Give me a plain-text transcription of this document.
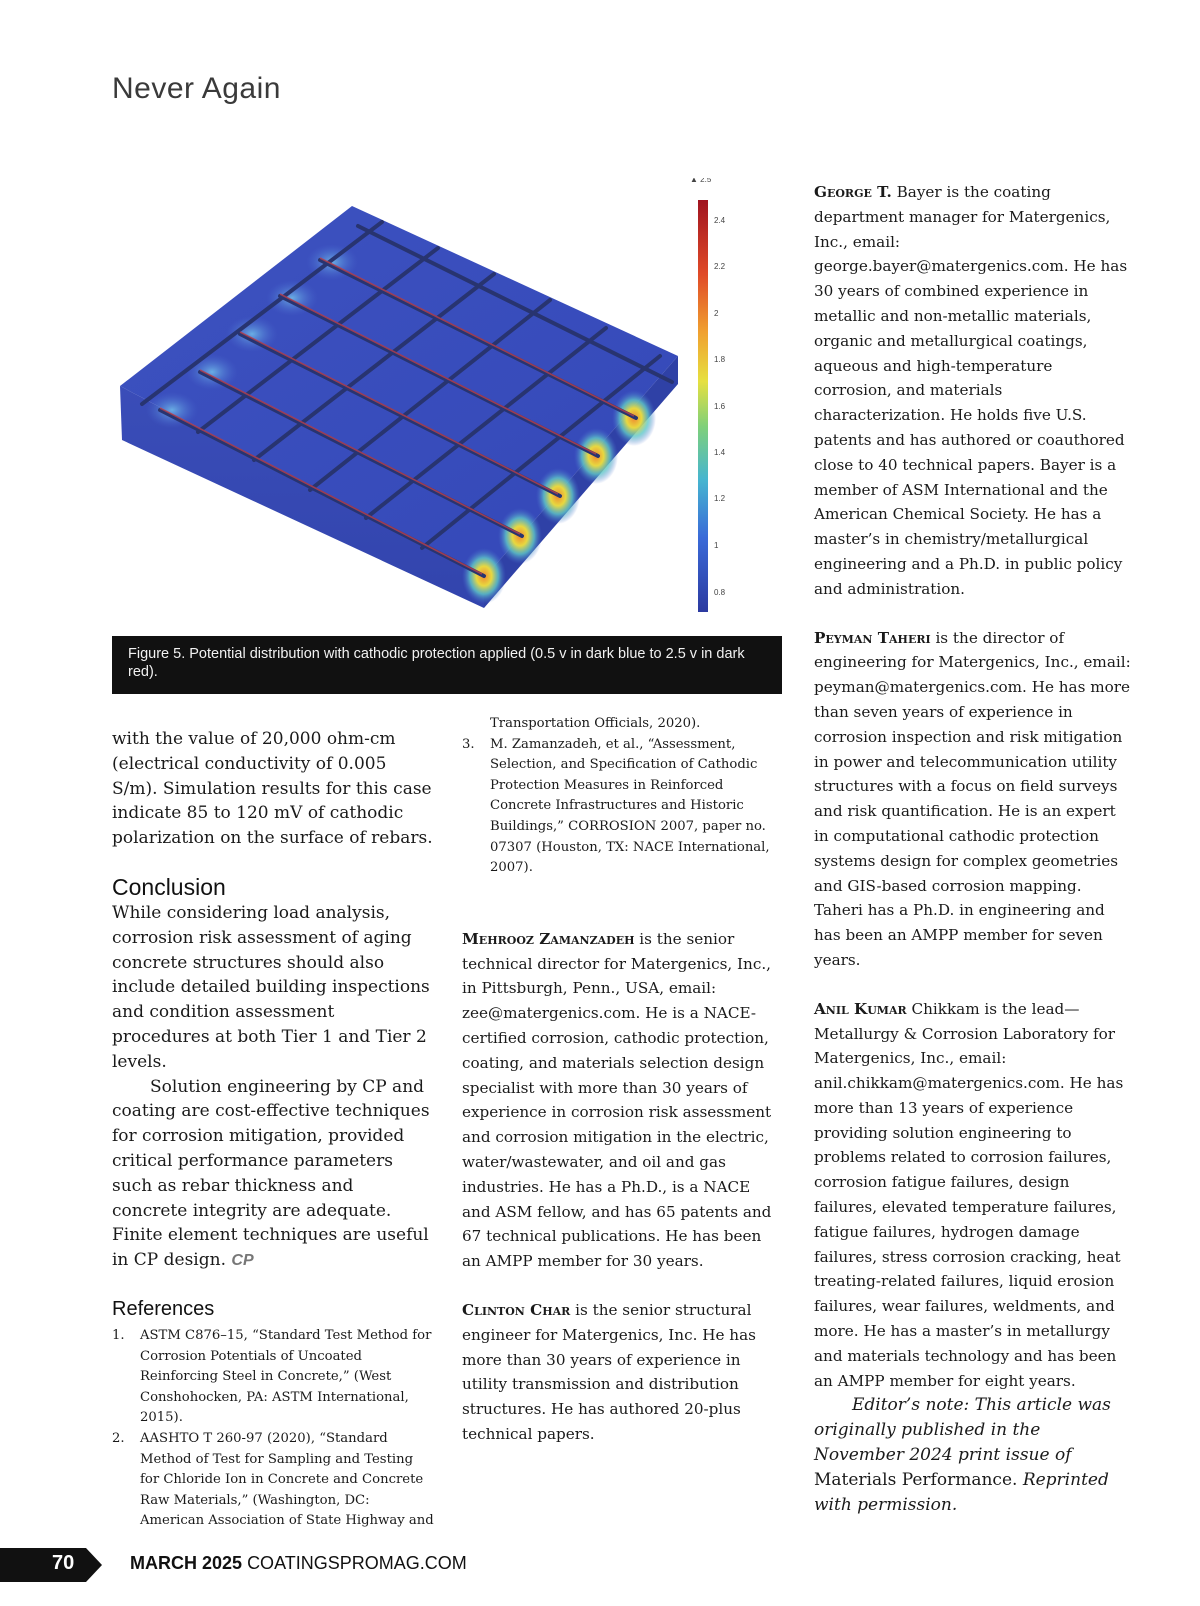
Never Again
▲ 2.5
2.4
2.2
2
1.8
1.6
1.4
1.2
1
0.8
Figure 5. Potential distribution with cathodic protection applied (0.5 v in dark blue to 2.5 v in dark red).

with the value of 20,000 ohm-cm (electrical conductivity of 0.005 S/m). Simulation results for this case indicate 85 to 120 mV of cathodic polarization on the surface of rebars.

Conclusion

While considering load analysis, corrosion risk assessment of aging concrete structures should also include detailed building inspections and condition assessment procedures at both Tier 1 and Tier 2 levels.

Solution engineering by CP and coating are cost-effective techniques for corrosion mitigation, provided critical performance parameters such as rebar thickness and concrete integrity are adequate. Finite element techniques are useful in CP design. CP

References
1. ASTM C876–15, “Standard Test Method for Corrosion Potentials of Uncoated Reinforcing Steel in Concrete,” (West Conshohocken, PA: ASTM International, 2015).
2. AASHTO T 260-97 (2020), “Standard Method of Test for Sampling and Testing for Chloride Ion in Concrete and Concrete Raw Materials,” (Washington, DC: American Association of State Highway and
Transportation Officials, 2020).
3. M. Zamanzadeh, et al., “Assessment, Selection, and Specification of Cathodic Protection Measures in Reinforced Concrete Infrastructures and Historic Buildings,” CORROSION 2007, paper no. 07307 (Houston, TX: NACE International, 2007).

Mehrooz Zamanzadeh is the senior technical director for Matergenics, Inc., in Pittsburgh, Penn., USA, email: zee@matergenics.com. He is a NACE-certified corrosion, cathodic protection, coating, and materials selection design specialist with more than 30 years of experience in corrosion risk assessment and corrosion mitigation in the electric, water/wastewater, and oil and gas industries. He has a Ph.D., is a NACE and ASM fellow, and has 65 patents and 67 technical publications. He has been an AMPP member for 30 years.

Clinton Char is the senior structural engineer for Matergenics, Inc. He has more than 30 years of experience in utility transmission and distribution structures. He has authored 20-plus technical papers.

George T. Bayer is the coating department manager for Matergenics, Inc., email: george.bayer@matergenics.com. He has 30 years of combined experience in metallic and non-metallic materials, organic and metallurgical coatings, aqueous and high-temperature corrosion, and materials characterization. He holds five U.S. patents and has authored or coauthored close to 40 technical papers. Bayer is a member of ASM International and the American Chemical Society. He has a master’s in chemistry/metallurgical engineering and a Ph.D. in public policy and administration.

Peyman Taheri is the director of engineering for Matergenics, Inc., email: peyman@matergenics.com. He has more than seven years of experience in corrosion inspection and risk mitigation in power and telecommunication utility structures with a focus on field surveys and risk quantification. He is an expert in computational cathodic protection systems design for complex geometries and GIS-based corrosion mapping. Taheri has a Ph.D. in engineering and has been an AMPP member for seven years.

Anil Kumar Chikkam is the lead—Metallurgy & Corrosion Laboratory for Matergenics, Inc., email: anil.chikkam@matergenics.com. He has more than 13 years of experience providing solution engineering to problems related to corrosion failures, corrosion fatigue failures, design failures, elevated temperature failures, fatigue failures, hydrogen damage failures, stress corrosion cracking, heat treating-related failures, liquid erosion failures, wear failures, weldments, and more. He has a master’s in metallurgy and materials technology and has been an AMPP member for eight years.

Editor’s note: This article was originally published in the November 2024 print issue of Materials Performance. Reprinted with permission.

70	MARCH 2025 COATINGSPROMAG.COM
